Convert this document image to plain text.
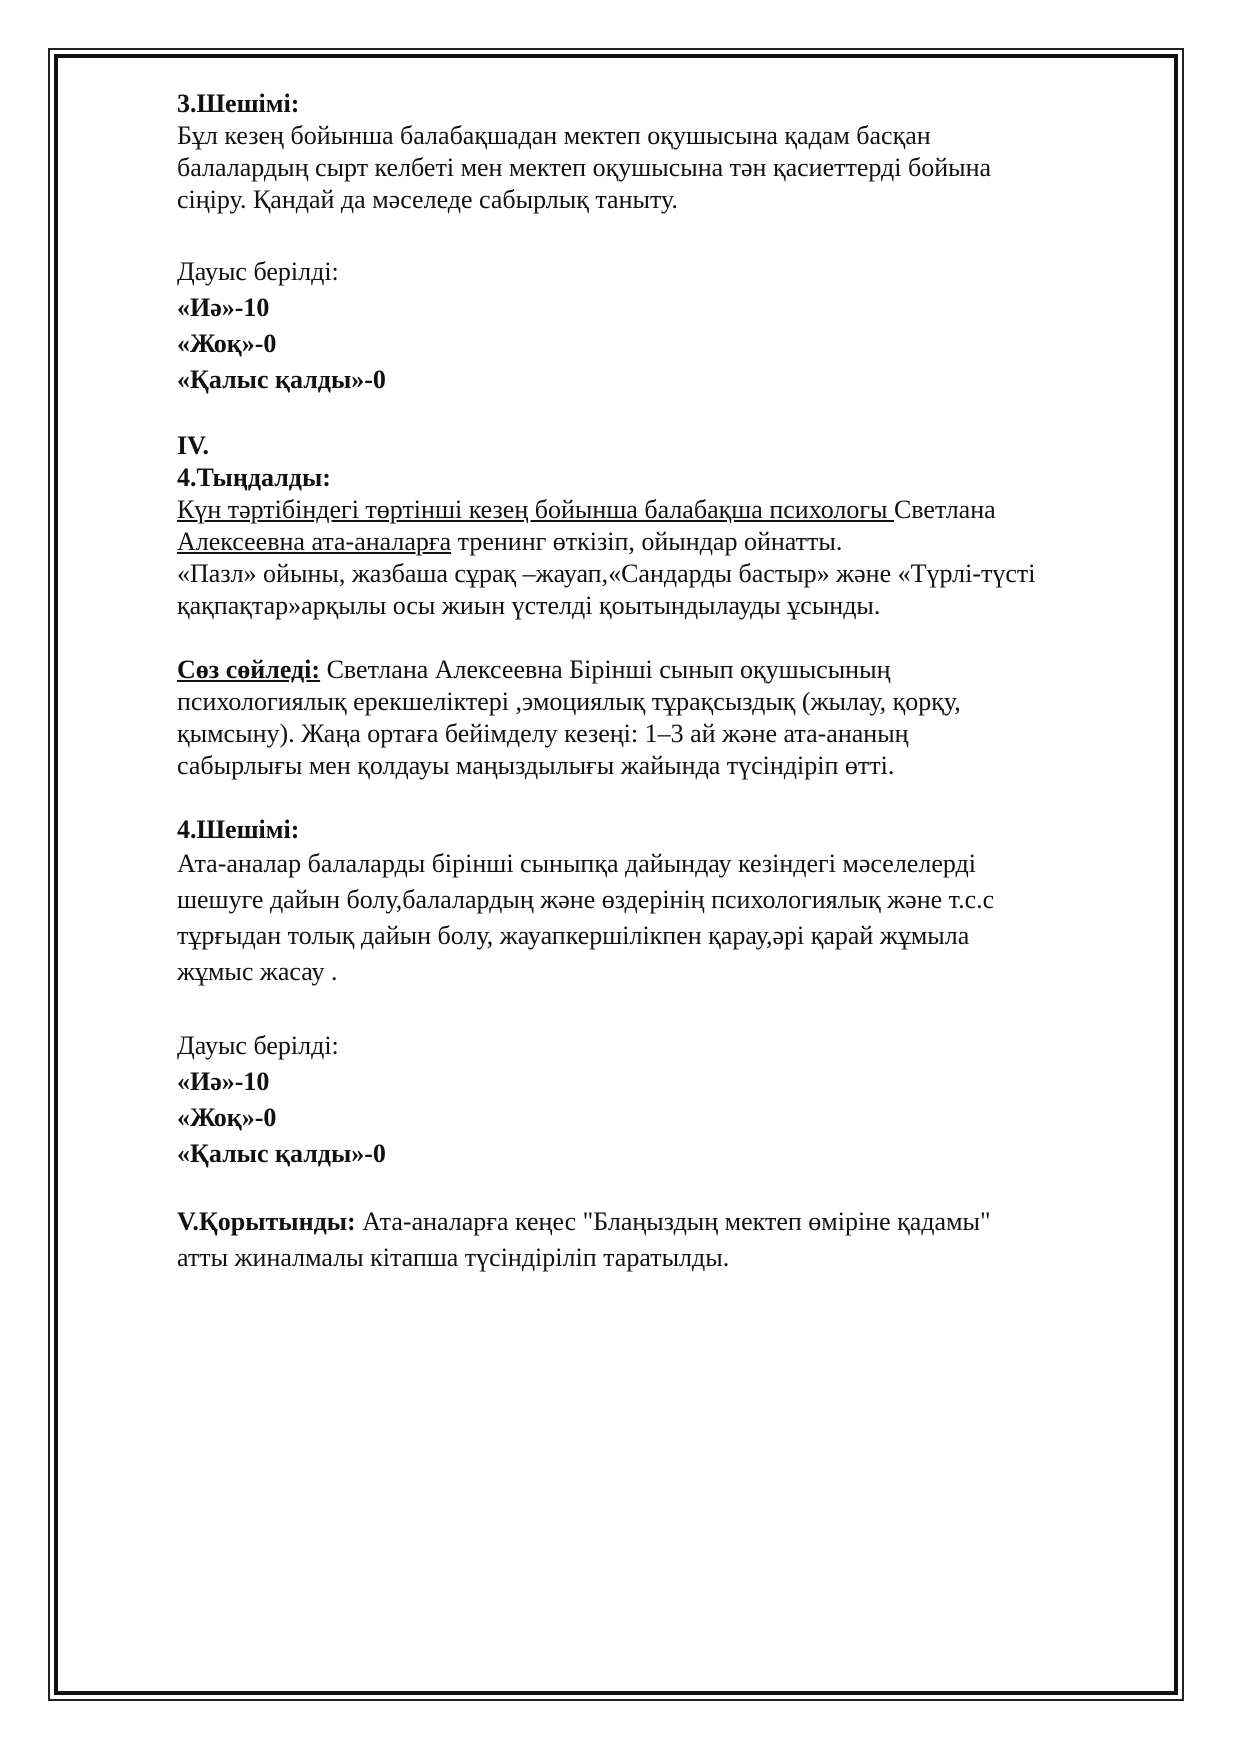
3.Шешімі:

Бұл кезең бойынша балабақшадан мектеп оқушысына қадам басқан
балалардың сырт келбеті мен мектеп оқушысына тән қасиеттерді бойына
сіңіру. Қандай да мәселеде сабырлық таныту.

Дауыс берілді:
«Иә»-10
«Жоқ»-0
«Қалыс қалды»-0
IV.
4.Тыңдалды:

Күн тәртібіндегі төртінші кезең бойынша балабақша психологы Светлана
Алексеевна ата-аналарға тренинг өткізіп, ойындар ойнатты.
«Пазл» ойыны, жазбаша сұрақ –жауап,«Сандарды бастыр» және «Түрлі-түсті
қақпақтар»арқылы осы жиын үстелді қоытындылауды ұсынды.

Сөз сөйледі: Светлана Алексеевна Бірінші сынып оқушысының
психологиялық ерекшеліктері ,эмоциялық тұрақсыздық (жылау, қорқу,
қымсыну). Жаңа ортаға бейімделу кезеңі: 1–3 ай және ата-ананың
сабырлығы мен қолдауы маңыздылығы жайында түсіндіріп өтті.

4.Шешімі:

Ата-аналар балаларды бірінші сыныпқа дайындау кезіндегі мәселелерді
шешуге дайын болу,балалардың және өздерінің психологиялық және т.с.с
тұрғыдан толық дайын болу, жауапкершілікпен қарау,әрі қарай жұмыла
жұмыс жасау .

Дауыс берілді:
«Иә»-10
«Жоқ»-0
«Қалыс қалды»-0

V.Қорытынды: Ата-аналарға кеңес "Блаңыздың мектеп өміріне қадамы"
атты жиналмалы кітапша түсіндіріліп таратылды.
